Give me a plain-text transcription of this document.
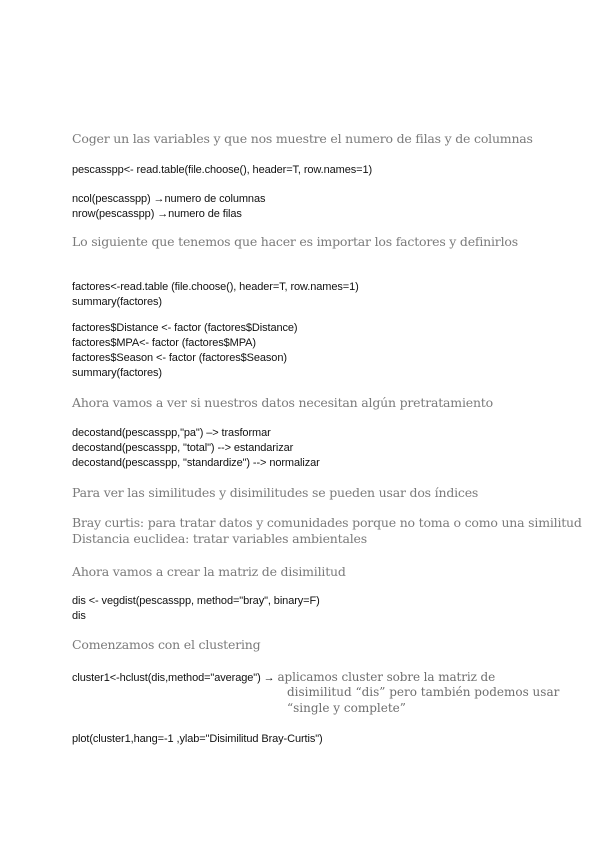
Coger un las variables y que nos muestre el numero de filas y de columnas
pescasspp<- read.table(file.choose(), header=T, row.names=1)
ncol(pescasspp) →numero de columnas
nrow(pescasspp) →numero de filas
Lo siguiente que tenemos que hacer es importar los factores y definirlos
factores<-read.table (file.choose(), header=T, row.names=1)
summary(factores)
factores$Distance <- factor (factores$Distance)
factores$MPA<- factor (factores$MPA)
factores$Season <- factor (factores$Season)
summary(factores)
Ahora vamos a ver si nuestros datos necesitan algún pretratamiento
decostand(pescasspp,"pa") –> trasformar
decostand(pescasspp, "total") --> estandarizar
decostand(pescasspp, "standardize") --> normalizar
Para ver las similitudes y disimilitudes se pueden usar dos índices
Bray curtis: para tratar datos y comunidades porque no toma o como una similitud
Distancia euclidea: tratar variables ambientales
Ahora vamos a crear la matriz de disimilitud
dis <- vegdist(pescasspp, method="bray", binary=F)
dis
Comenzamos con el clustering
cluster1<-hclust(dis,method="average") → aplicamos cluster sobre la matriz de
disimilitud “dis” pero también podemos usar
“single y complete”
plot(cluster1,hang=-1 ,ylab="Disimilitud Bray-Curtis")
